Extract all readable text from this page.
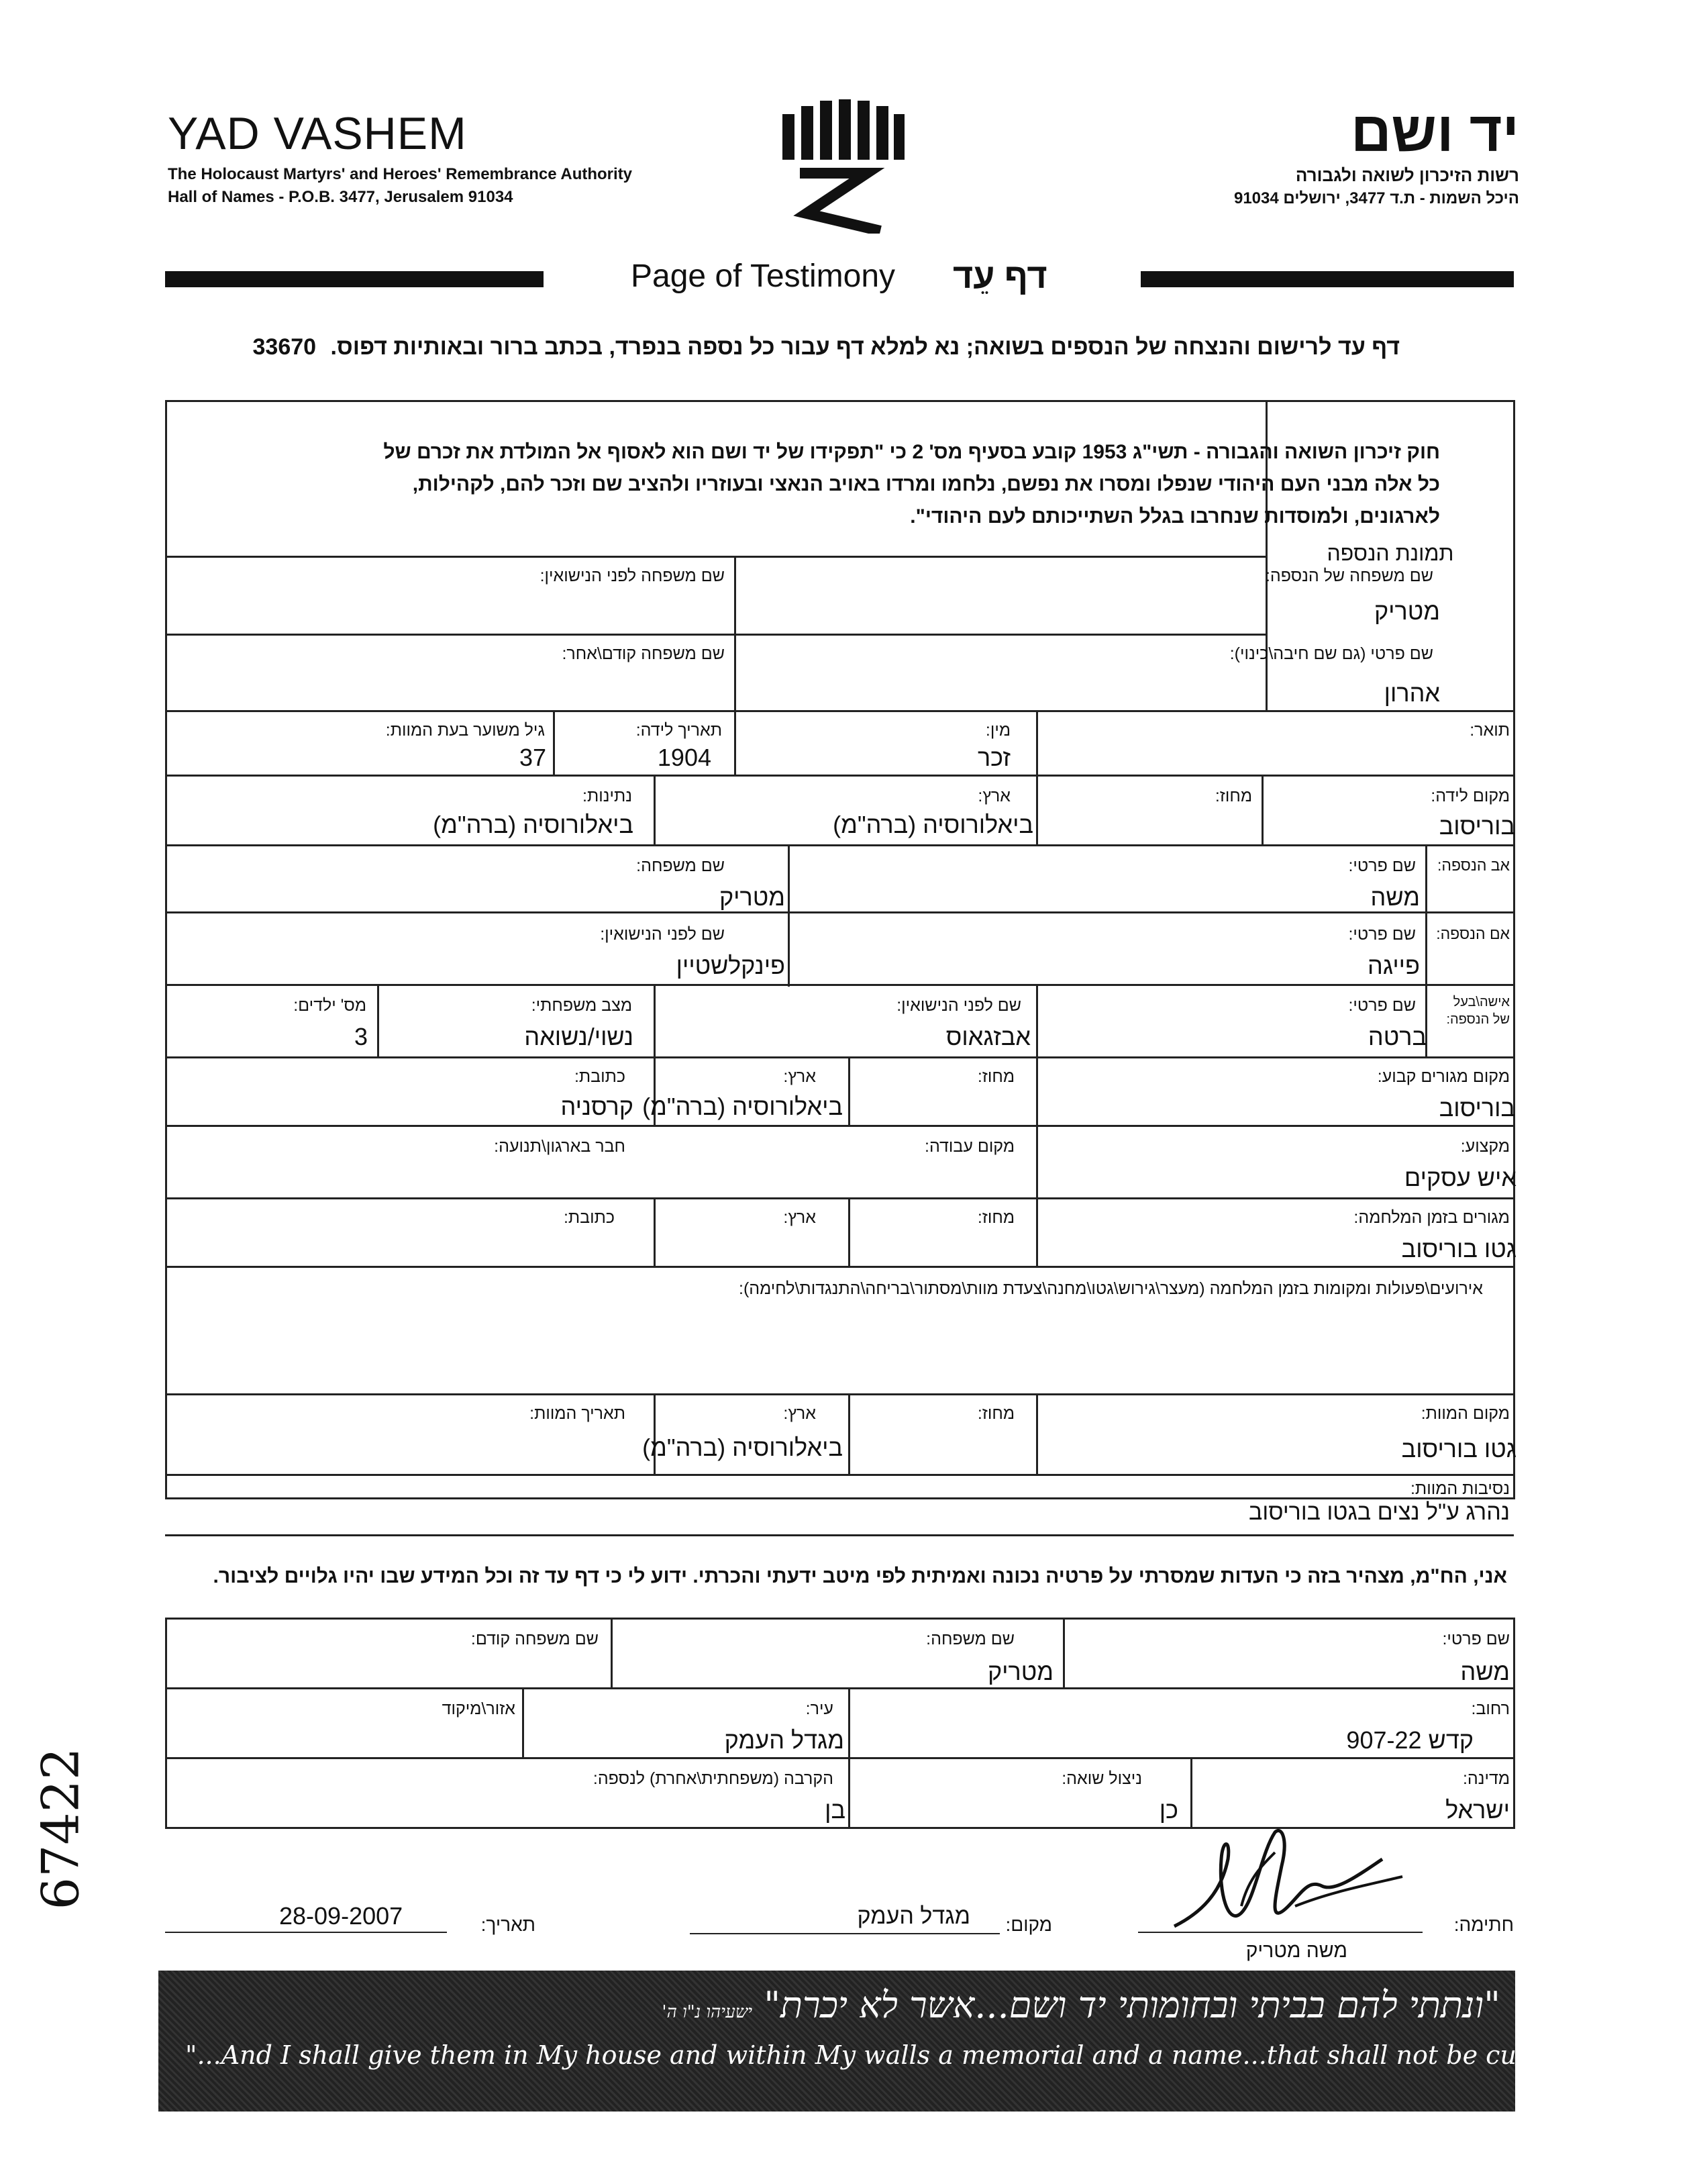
YAD VASHEM
The Holocaust Martyrs' and Heroes' Remembrance Authority
Hall of Names - P.O.B. 3477, Jerusalem 91034
יד ושם
רשות הזיכרון לשואה ולגבורה
היכל השמות - ת.ד 3477, ירושלים 91034
Page of Testimony דף עֵד
דף עד לרישום והנצחה של הנספים בשואה; נא למלא דף עבור כל נספה בנפרד, בכתב ברור ובאותיות דפוס. 33670
תמונת הנספה
חוק זיכרון השואה והגבורה - תשי"ג 1953 קובע בסעיף מס' 2 כי "תפקידו של יד ושם הוא לאסוף אל המולדת את זכרם של
כל אלה מבני העם היהודי שנפלו ומסרו את נפשם, נלחמו ומרדו באויב הנאצי ובעוזריו ולהציב שם וזכר להם, לקהילות,
לארגונים, ולמוסדות שנחרבו בגלל השתייכותם לעם היהודי".
שם משפחה של הנספה:
מטריק
שם משפחה לפני הנישואין:
שם פרטי (גם שם חיבה\כינוי):
אהרון
שם משפחה קודם\אחר:
תואר:
מין:
זכר
תאריך לידה:
1904
גיל משוער בעת המוות:
37
מקום לידה:
בוריסוב
מחוז:
ארץ:
ביאלורוסיה (ברה"מ)
נתינות:
ביאלורוסיה (ברה"מ)
אב הנספה:
שם פרטי:
משה
שם משפחה:
מטריק
אם הנספה:
שם פרטי:
פייגה
שם לפני הנישואין:
פינקלשטיין
אישה\בעל
של הנספה:
שם פרטי:
ברטה
שם לפני הנישואין:
אבזגאוס
מצב משפחתי:
נשוי/נשואה
מס' ילדים:
3
מקום מגורים קבוע:
בוריסוב
מחוז:
ארץ:
ביאלורוסיה (ברה"מ)
כתובת:
קרסניה
מקצוע:
איש עסקים
מקום עבודה:
חבר בארגון\תנועה:
מגורים בזמן המלחמה:
גטו בוריסוב
מחוז:
ארץ:
כתובת:
אירועים\פעולות ומקומות בזמן המלחמה (מעצר\גירוש\גטו\מחנה\צעדת מוות\מסתור\בריחה\התנגדות\לחימה):
מקום המוות:
גטו בוריסוב
מחוז:
ארץ:
ביאלורוסיה (ברה"מ)
תאריך המוות:
נסיבות המוות:
נהרג ע"ל נצים בגטו בוריסוב
אני, הח"מ, מצהיר בזה כי העדות שמסרתי על פרטיה נכונה ואמיתית לפי מיטב ידעתי והכרתי. ידוע לי כי דף עד זה וכל המידע שבו יהיו גלויים לציבור.
שם פרטי:
משה
שם משפחה:
מטריק
שם משפחה קודם:
רחוב:
קדש 907-22
עיר:
מגדל העמק
אזור\מיקוד
מדינה:
ישראל
ניצול שואה:
כן
הקרבה (משפחתית\אחרת) לנספה:
בן
חתימה:
משה מטריק
מקום:
מגדל העמק
תאריך:
28-09-2007
"ונתתי להם בביתי ובחומותי יד ושם...אשר לא יכרת" ישעיהו נ"ו ה'
"...And I shall give them in My house and within My walls a memorial and a name...that shall not be cut off" Isaiah 56:5
67422
